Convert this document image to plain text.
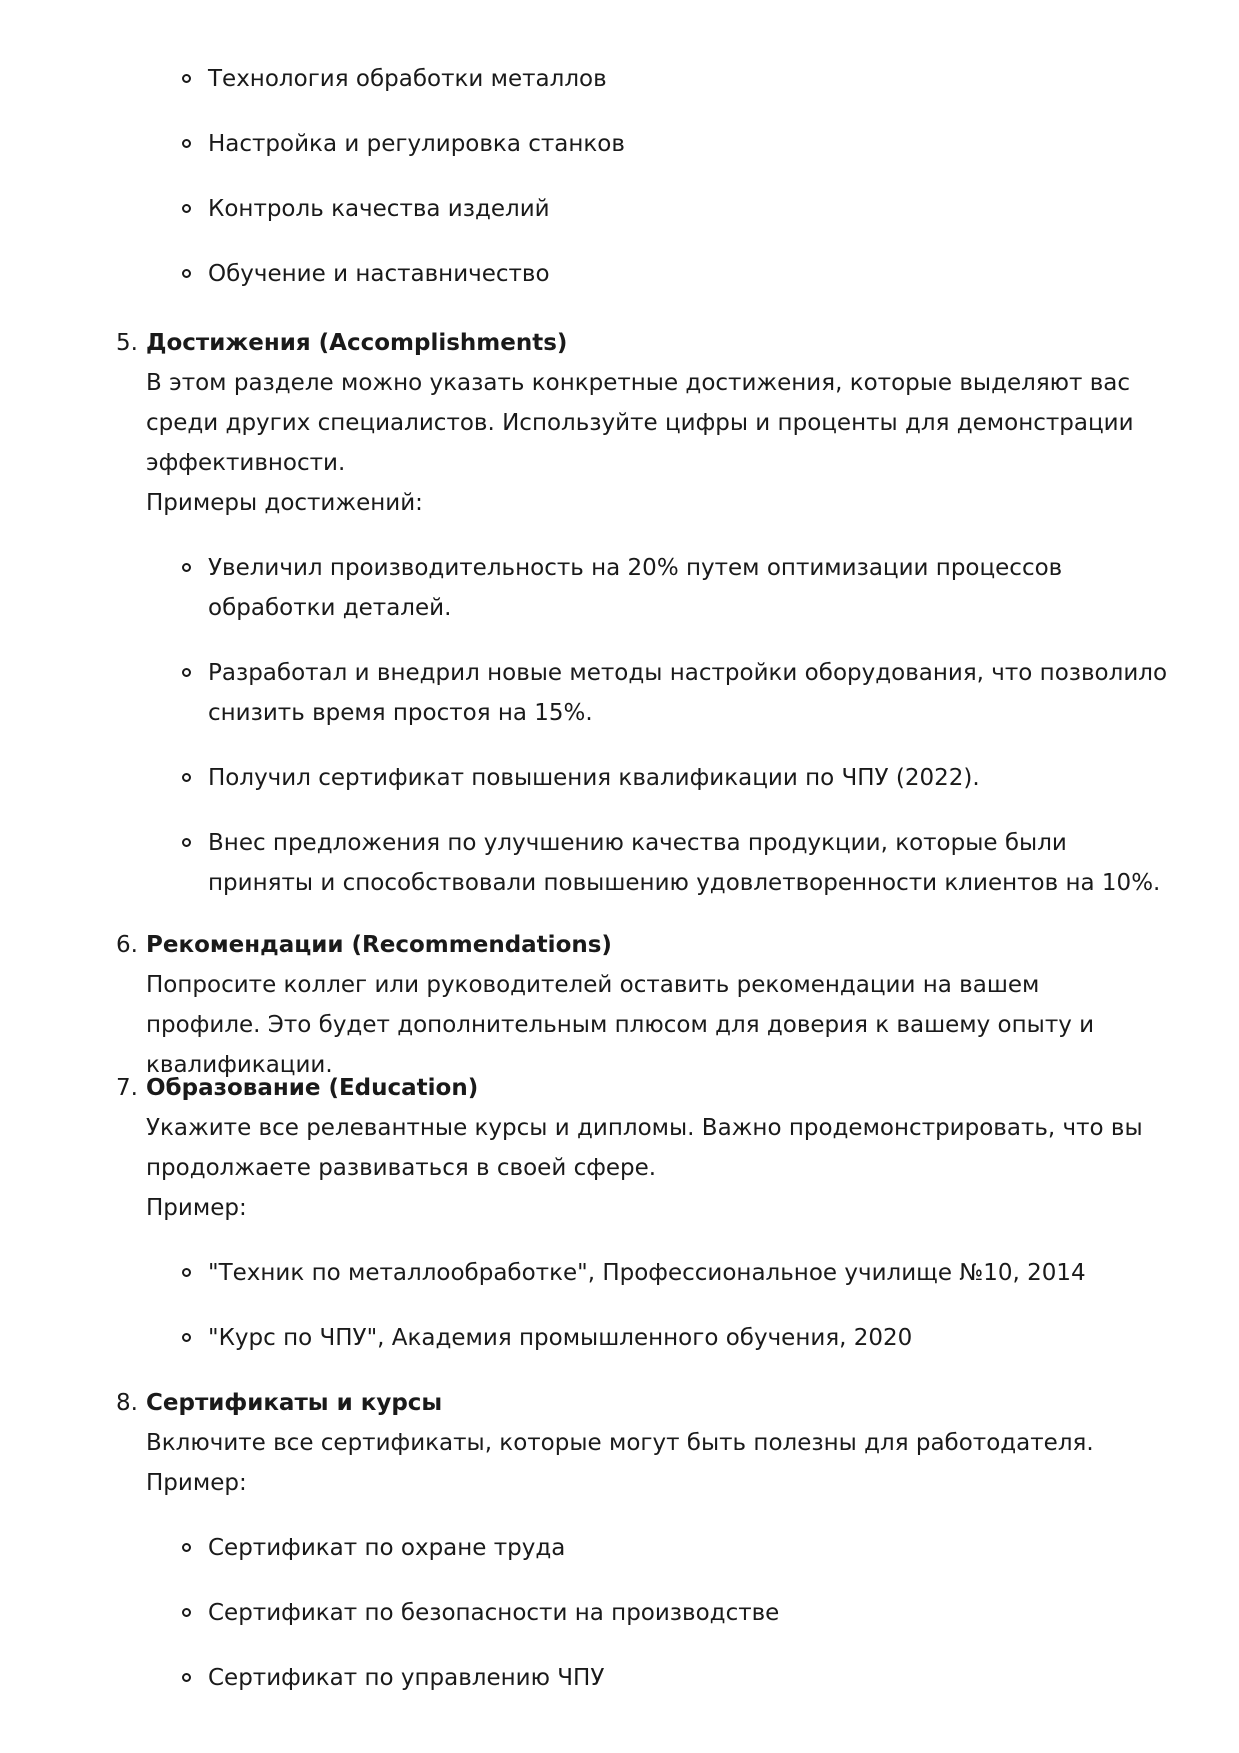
Технология обработки металлов
Настройка и регулировка станков
Контроль качества изделий
Обучение и наставничество
5. Достижения (Accomplishments)

В этом разделе можно указать конкретные достижения, которые выделяют вас среди других специалистов. Используйте цифры и проценты для демонстрации эффективности.

Примеры достижений:

Увеличил производительность на 20% путем оптимизации процессов обработки деталей.
Разработал и внедрил новые методы настройки оборудования, что позволило снизить время простоя на 15%.
Получил сертификат повышения квалификации по ЧПУ (2022).
Внес предложения по улучшению качества продукции, которые были приняты и способствовали повышению удовлетворенности клиентов на 10%.
6. Рекомендации (Recommendations)

Попросите коллег или руководителей оставить рекомендации на вашем профиле. Это будет дополнительным плюсом для доверия к вашему опыту и квалификации.

7. Образование (Education)

Укажите все релевантные курсы и дипломы. Важно продемонстрировать, что вы продолжаете развиваться в своей сфере.

Пример:

"Техник по металлообработке", Профессиональное училище №10, 2014
"Курс по ЧПУ", Академия промышленного обучения, 2020
8. Сертификаты и курсы

Включите все сертификаты, которые могут быть полезны для работодателя. Пример:

Сертификат по охране труда
Сертификат по безопасности на производстве
Сертификат по управлению ЧПУ
